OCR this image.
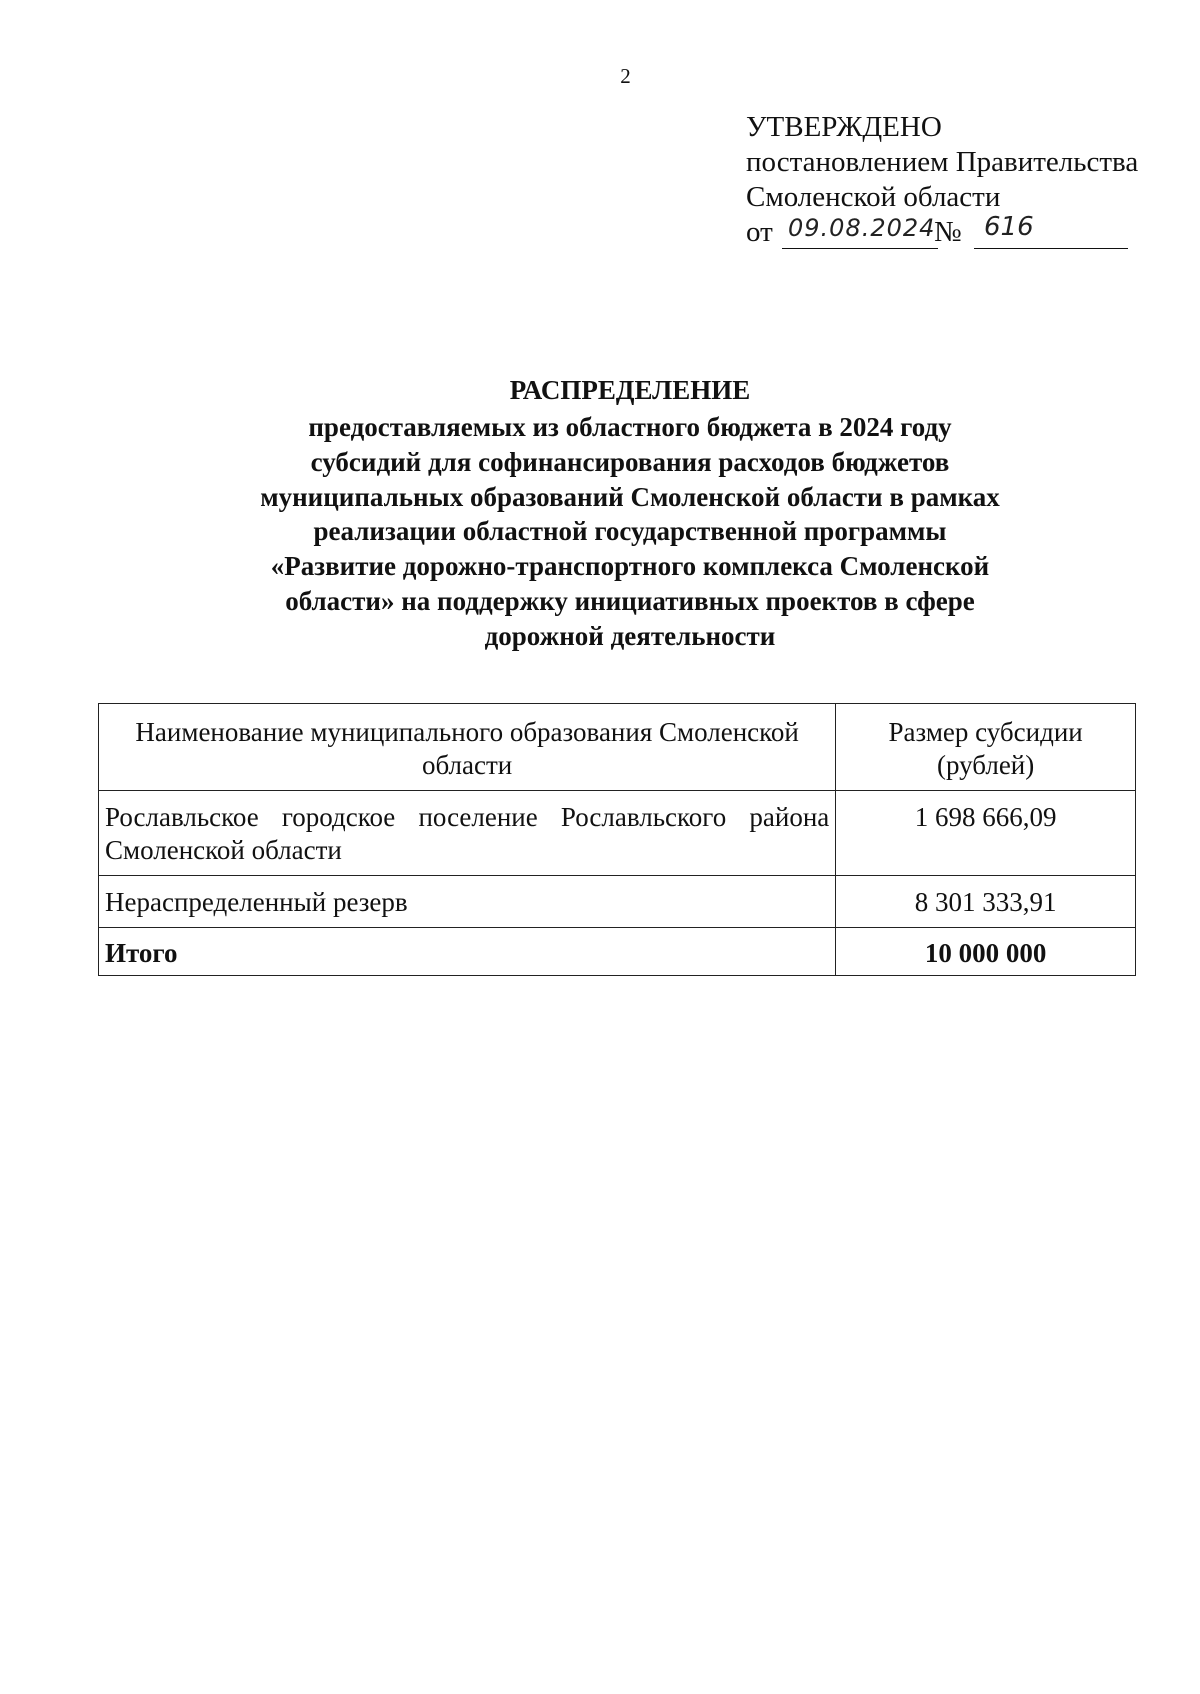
2
УТВЕРЖДЕНО
постановлением Правительства
Смоленской области
от 09.08.2024
№ 616
РАСПРЕДЕЛЕНИЕ

предоставляемых из областного бюджета в 2024 году субсидий для софинансирования расходов бюджетов муниципальных образований Смоленской области в рамках реализации областной государственной программы «Развитие дорожно-транспортного комплекса Смоленской области» на поддержку инициативных проектов в сфере дорожной деятельности

Наименование муниципального образования Смоленской области	Размер субсидии (рублей)
Рославльское городское поселение Рославльского района Смоленской области	1 698 666,09
Нераспределенный резерв	8 301 333,91
Итого	10 000 000
